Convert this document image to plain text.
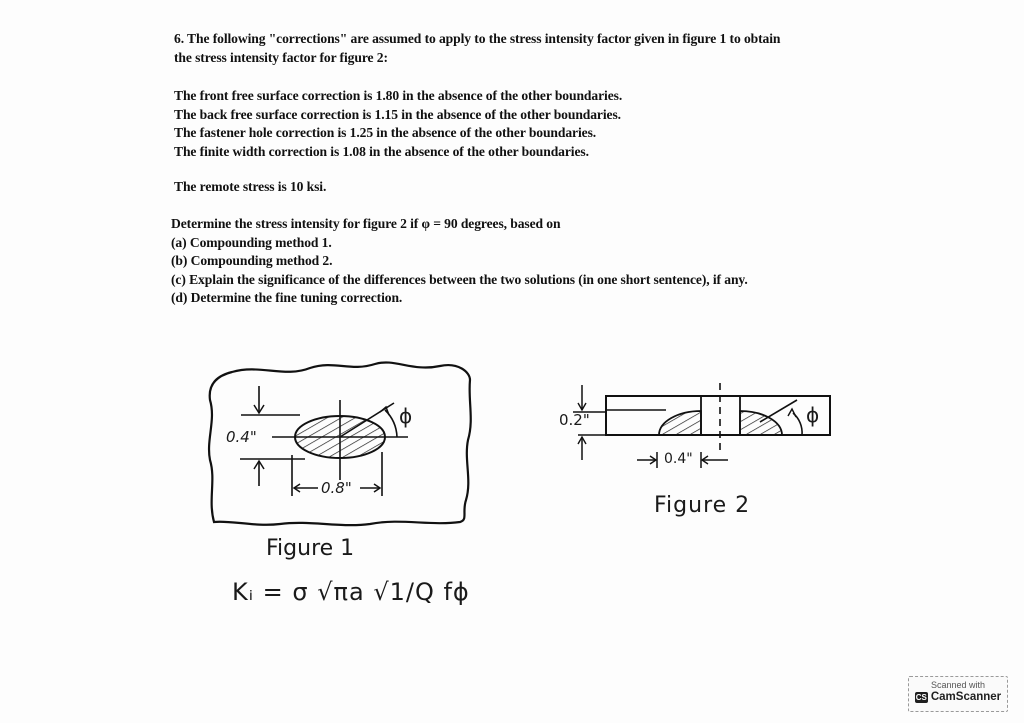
6. The following "corrections" are assumed to apply to the stress intensity factor given in figure 1 to obtain
the stress intensity factor for figure 2:
The front free surface correction is 1.80 in the absence of the other boundaries.
The back free surface correction is 1.15 in the absence of the other boundaries.
The fastener hole correction is 1.25 in the absence of the other boundaries.
The finite width correction is 1.08 in the absence of the other boundaries.
The remote stress is 10 ksi.
Determine the stress intensity for figure 2 if φ = 90 degrees, based on
(a) Compounding method 1.
(b) Compounding method 2.
(c) Explain the significance of the differences between the two solutions (in one short sentence), if any.
(d) Determine the fine tuning correction.
0.4"
0.8"
ϕ
Figure 1
Kᵢ = σ √πa √1/Q fϕ
0.2"
0.4"
ϕ
Figure 2
Scanned with
CS CamScanner
